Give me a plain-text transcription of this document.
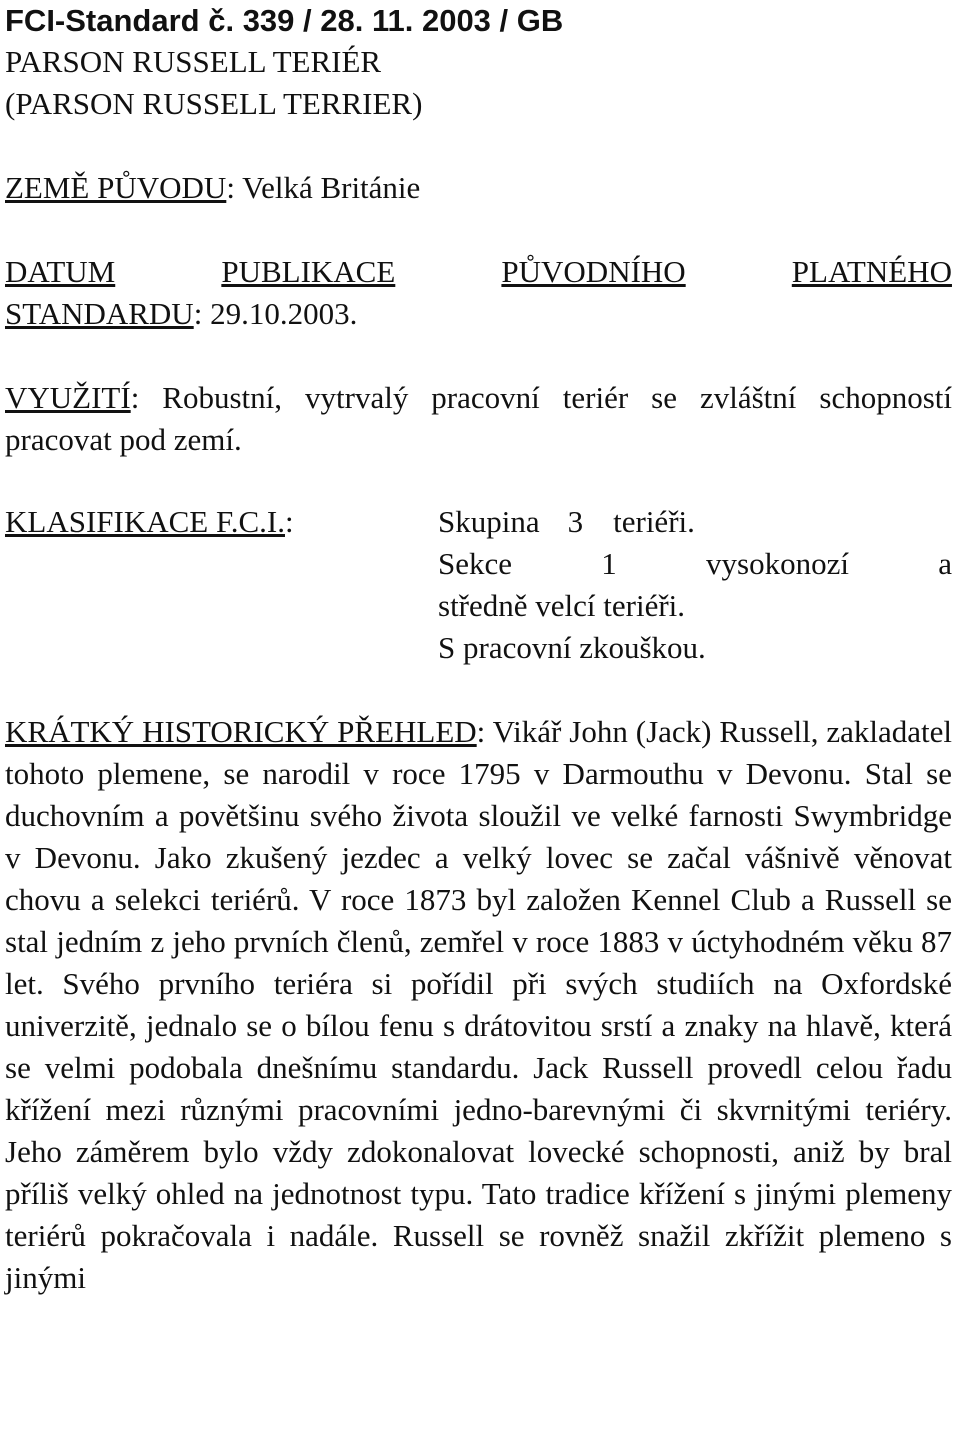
FCI-Standard č. 339 / 28. 11. 2003 / GB

PARSON RUSSELL TERIÉR

(PARSON RUSSELL TERRIER)

ZEMĚ PŮVODU: Velká Británie

DATUM	PUBLIKACE	PŮVODNÍHO	PLATNÉHO
STANDARDU: 29.10.2003.

VYUŽITÍ: Robustní, vytrvalý pracovní teriér se zvláštní schopností pracovat pod zemí.

KLASIFIKACE F.C.I.:	Skupina 3 teriéři.
Sekce	1	vysokonozí	a
středně velcí teriéři.
S pracovní zkouškou.

KRÁTKÝ HISTORICKÝ PŘEHLED: Vikář John (Jack) Russell, zakladatel tohoto plemene, se narodil v roce 1795 v Darmouthu v Devonu. Stal se duchovním a povětšinu svého života sloužil ve velké farnosti Swymbridge v Devonu. Jako zkušený jezdec a velký lovec se začal vášnivě věnovat chovu a selekci teriérů. V roce 1873 byl založen Kennel Club a Russell se stal jedním z jeho prvních členů, zemřel v roce 1883 v úctyhodném věku 87 let. Svého prvního teriéra si pořídil při svých studiích na Oxfordské univerzitě, jednalo se o bílou fenu s drátovitou srstí a znaky na hlavě, která se velmi podobala dnešnímu standardu. Jack Russell provedl celou řadu křížení mezi různými pracovními jedno-barevnými či skvrnitými teriéry. Jeho záměrem bylo vždy zdokonalovat lovecké schopnosti, aniž by bral příliš velký ohled na jednotnost typu. Tato tradice křížení s jinými plemeny teriérů pokračovala i nadále. Russell se rovněž snažil zkřížit plemeno s jinými
